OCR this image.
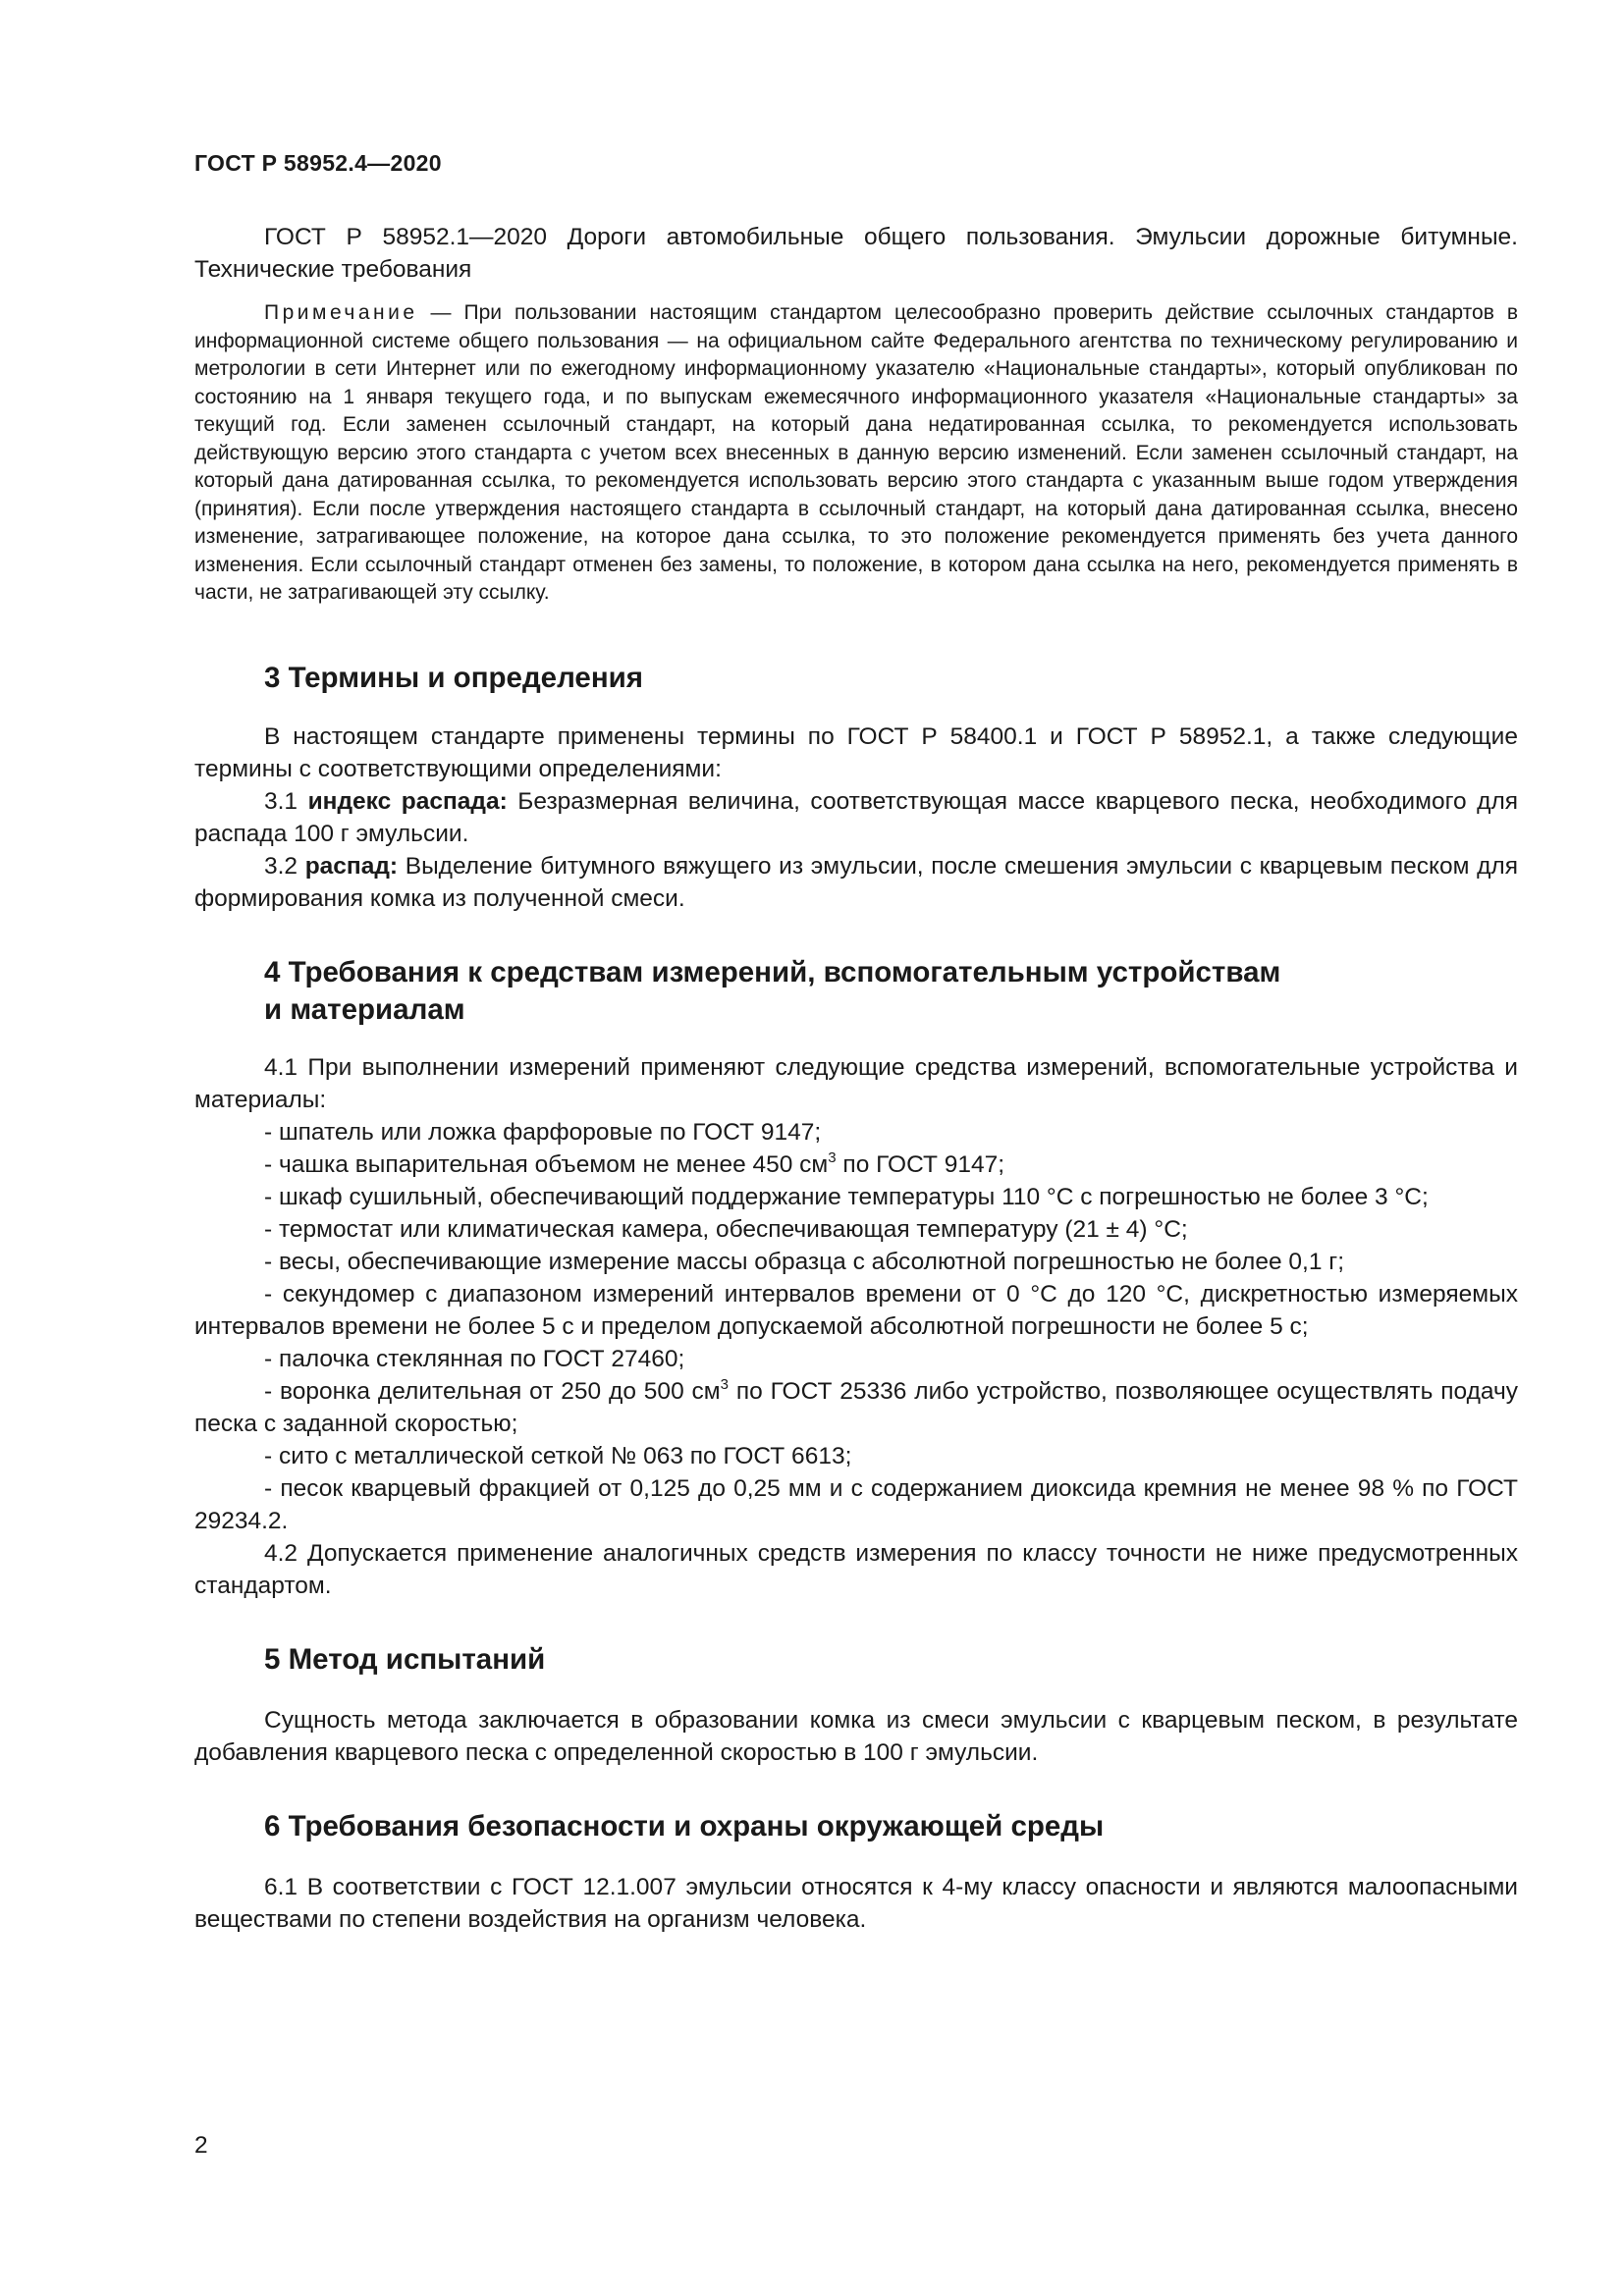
ГОСТ Р 58952.4—2020

ГОСТ Р 58952.1—2020 Дороги автомобильные общего пользования. Эмульсии дорожные битумные. Технические требования

Примечание — При пользовании настоящим стандартом целесообразно проверить действие ссылочных стандартов в информационной системе общего пользования — на официальном сайте Федерального агентства по техническому регулированию и метрологии в сети Интернет или по ежегодному информационному указателю «Национальные стандарты», который опубликован по состоянию на 1 января текущего года, и по выпускам ежемесячного информационного указателя «Национальные стандарты» за текущий год. Если заменен ссылочный стандарт, на который дана недатированная ссылка, то рекомендуется использовать действующую версию этого стандарта с учетом всех внесенных в данную версию изменений. Если заменен ссылочный стандарт, на который дана датированная ссылка, то рекомендуется использовать версию этого стандарта с указанным выше годом утверждения (принятия). Если после утверждения настоящего стандарта в ссылочный стандарт, на который дана датированная ссылка, внесено изменение, затрагивающее положение, на которое дана ссылка, то это положение рекомендуется применять без учета данного изменения. Если ссылочный стандарт отменен без замены, то положение, в котором дана ссылка на него, рекомендуется применять в части, не затрагивающей эту ссылку.

3 Термины и определения

В настоящем стандарте применены термины по ГОСТ Р 58400.1 и ГОСТ Р 58952.1, а также следующие термины с соответствующими определениями:

3.1 индекс распада: Безразмерная величина, соответствующая массе кварцевого песка, необходимого для распада 100 г эмульсии.

3.2 распад: Выделение битумного вяжущего из эмульсии, после смешения эмульсии с кварцевым песком для формирования комка из полученной смеси.

4 Требования к средствам измерений, вспомогательным устройствам
и материалам

4.1 При выполнении измерений применяют следующие средства измерений, вспомогательные устройства и материалы:

- шпатель или ложка фарфоровые по ГОСТ 9147;

- чашка выпарительная объемом не менее 450 $см^3$ по ГОСТ 9147;

- шкаф сушильный, обеспечивающий поддержание температуры 110 °С с погрешностью не более 3 °С;

- термостат или климатическая камера, обеспечивающая температуру (21 ± 4) °С;

- весы, обеспечивающие измерение массы образца с абсолютной погрешностью не более 0,1 г;

- секундомер с диапазоном измерений интервалов времени от 0 °С до 120 °С, дискретностью измеряемых интервалов времени не более 5 с и пределом допускаемой абсолютной погрешности не более 5 с;

- палочка стеклянная по ГОСТ 27460;

- воронка делительная от 250 до 500 $см^3$ по ГОСТ 25336 либо устройство, позволяющее осуществлять подачу песка с заданной скоростью;

- сито с металлической сеткой № 063 по ГОСТ 6613;

- песок кварцевый фракцией от 0,125 до 0,25 мм и с содержанием диоксида кремния не менее 98 % по ГОСТ 29234.2.

4.2 Допускается применение аналогичных средств измерения по классу точности не ниже предусмотренных стандартом.

5 Метод испытаний

Сущность метода заключается в образовании комка из смеси эмульсии с кварцевым песком, в результате добавления кварцевого песка с определенной скоростью в 100 г эмульсии.

6 Требования безопасности и охраны окружающей среды

6.1 В соответствии с ГОСТ 12.1.007 эмульсии относятся к 4-му классу опасности и являются малоопасными веществами по степени воздействия на организм человека.

2
